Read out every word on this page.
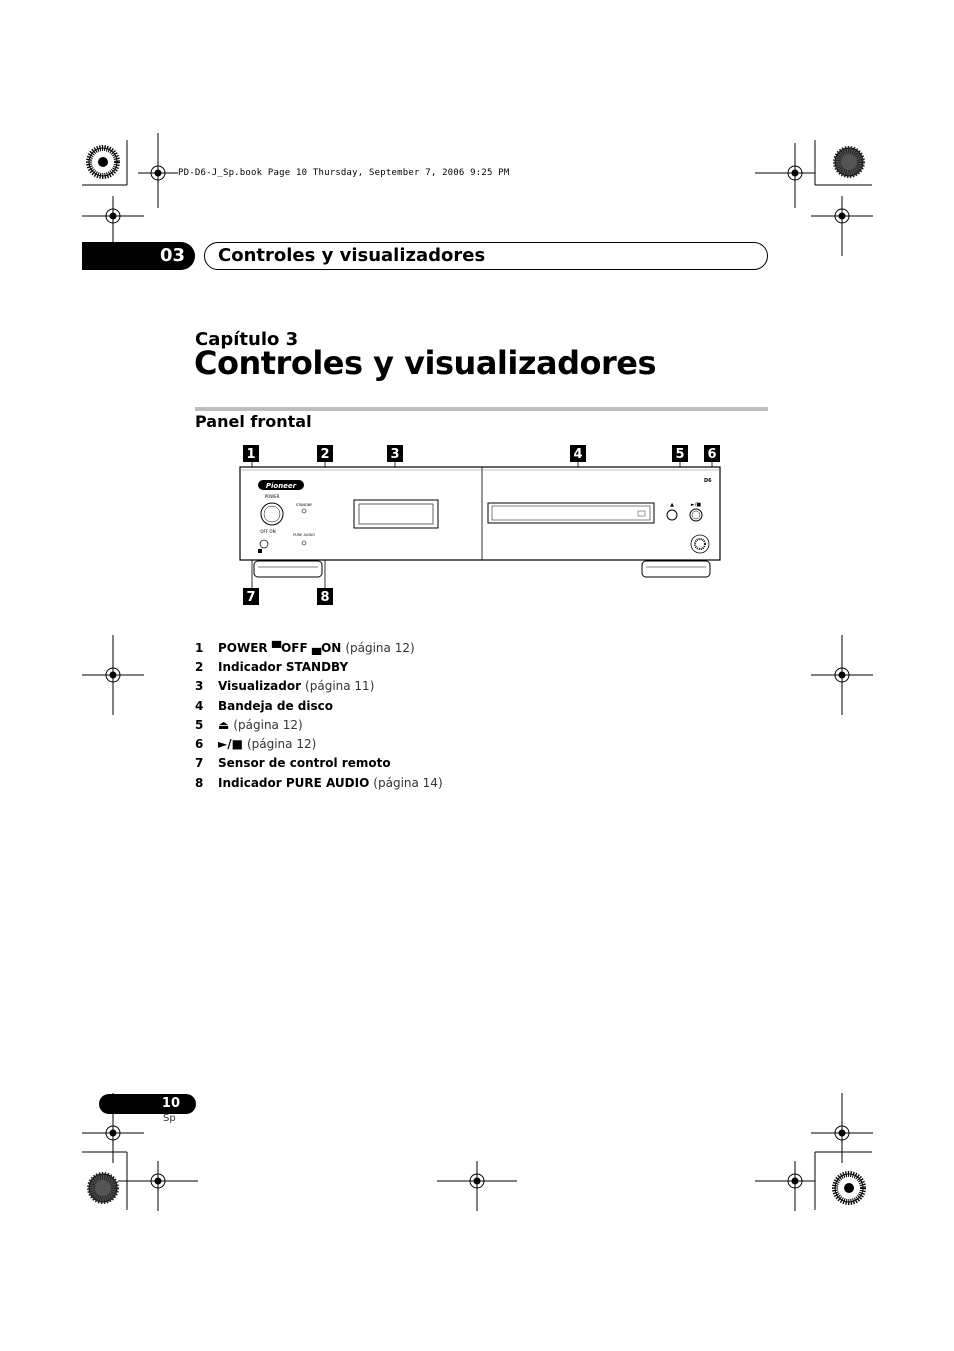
PD-D6-J_Sp.book Page 10 Thursday, September 7, 2006 9:25 PM
03	Controles y visualizadores
Capítulo 3
Controles y visualizadores
Panel frontal
Pioneer
POWER
OFF ON
STANDBY
PURE AUDIO
▲	►/■
D6
1	2	3	4	5 6
7	8
1	POWER ▀OFF ▄ON (página 12)
2	Indicador STANDBY
3	Visualizador (página 11)
4	Bandeja de disco
5	⏏ (página 12)
6	►/■ (página 12)
7	Sensor de control remoto
8	Indicador PURE AUDIO (página 14)
10
Sp
